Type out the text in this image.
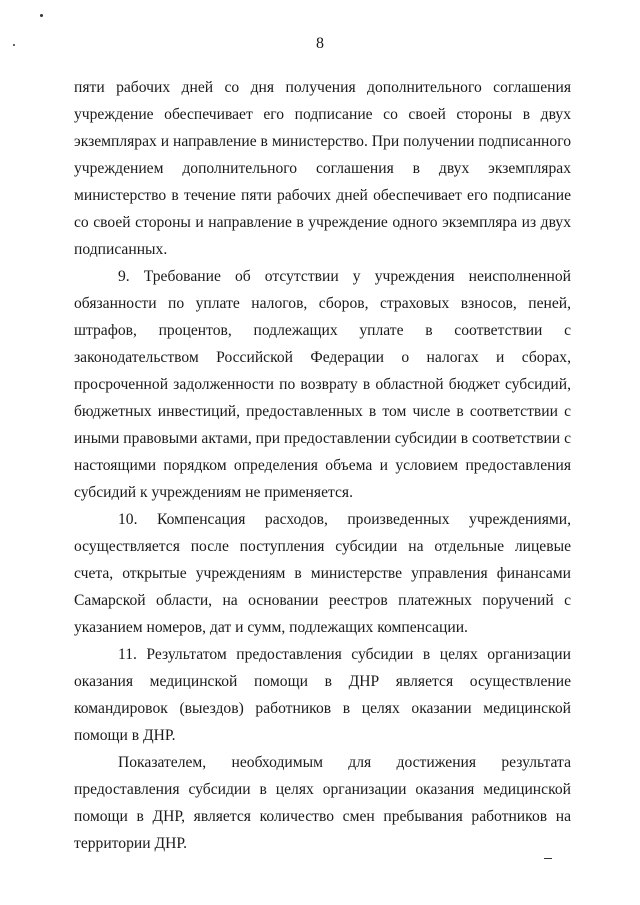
8

пяти рабочих дней со дня получения дополнительного соглашения учреждение обеспечивает его подписание со своей стороны в двух экземплярах и направление в министерство. При получении подписанного учреждением дополнительного соглашения в двух экземплярах министерство в течение пяти рабочих дней обеспечивает его подписание со своей стороны и направление в учреждение одного экземпляра из двух подписанных.

9. Требование об отсутствии у учреждения неисполненной обязанности по уплате налогов, сборов, страховых взносов, пеней, штрафов, процентов, подлежащих уплате в соответствии с законодательством Российской Федерации о налогах и сборах, просроченной задолженности по возврату в областной бюджет субсидий, бюджетных инвестиций, предоставленных в том числе в соответствии с иными правовыми актами, при предоставлении субсидии в соответствии с настоящими порядком определения объема и условием предоставления субсидий к учреждениям не применяется.

10. Компенсация расходов, произведенных учреждениями, осуществляется после поступления субсидии на отдельные лицевые счета, открытые учреждениям в министерстве управления финансами Самарской области, на основании реестров платежных поручений с указанием номеров, дат и сумм, подлежащих компенсации.

11. Результатом предоставления субсидии в целях организации оказания медицинской помощи в ДНР является осуществление командировок (выездов) работников в целях оказании медицинской помощи в ДНР.

Показателем, необходимым для достижения результата предоставления субсидии в целях организации оказания медицинской помощи в ДНР, является количество смен пребывания работников на территории ДНР.
